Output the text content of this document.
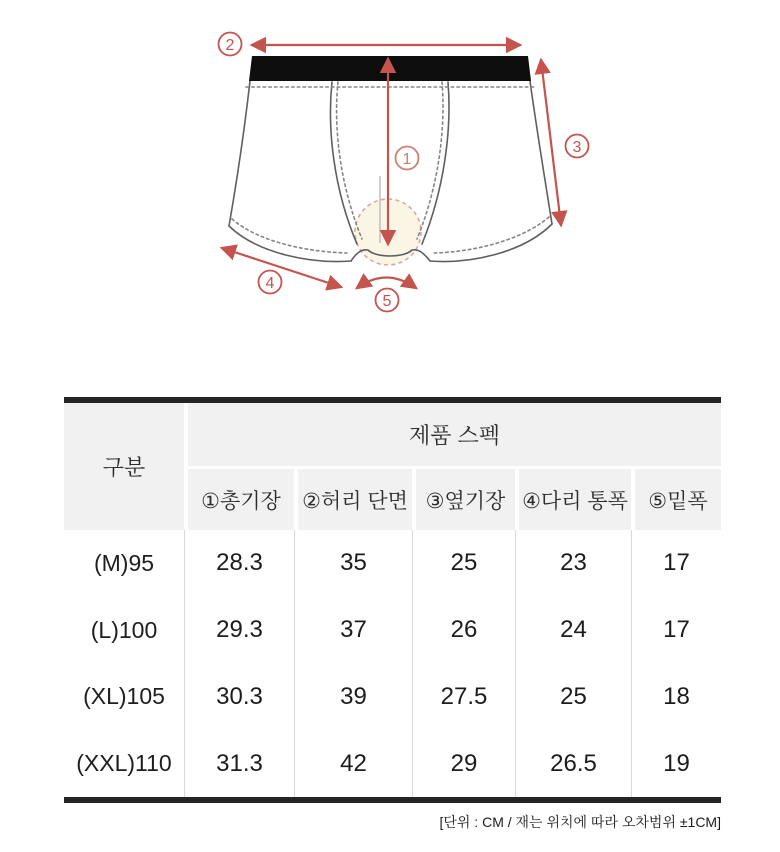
2
1
3
4
5
구분
제품 스펙
①총기장	②허리 단면 ③옆기장 ④다리 통폭 ⑤밑폭
(M)95	28.3	35	25	23	17
(L)100	29.3	37	26	24	17
(XL)105	30.3	39	27.5	25	18
(XXL)110	31.3	42	29	26.5	19
[단위 : CM / 재는 위치에 따라 오차범위 ±1CM]
